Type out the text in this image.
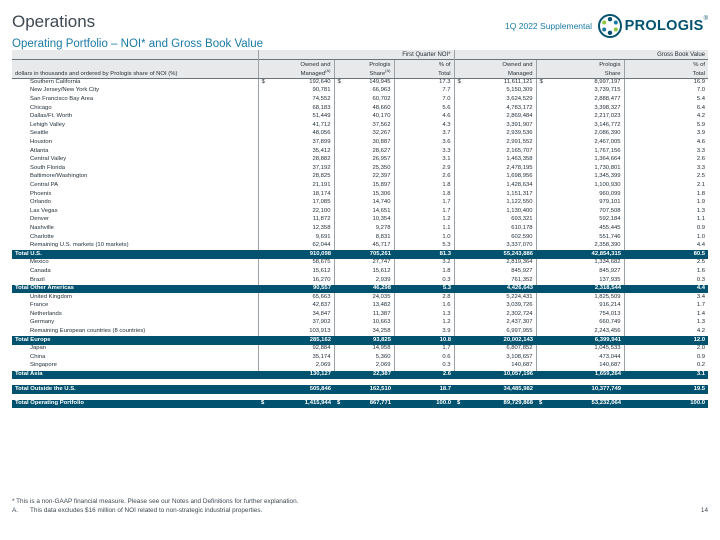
Operations
Operating Portfolio – NOI* and Gross Book Value
1Q 2022 Supplemental PROLOGIS ®
	First Quarter NOI*			Gross Book Value		
	Owned and	Prologis	% of	Owned and	Prologis	% of
dollars in thousands and ordered by Prologis share of NOI (%)	Managed$^{(A)}$	Share$^{(A)}$	Total	Managed	Share	Total
Southern California	$ 192,640	$ 149,945	17.3	$ 11,611,121	$ 8,997,197	16.9
New Jersey/New York City	90,781	66,963	7.7	5,150,309	3,739,715	7.0
San Francisco Bay Area	74,552	60,702	7.0	3,624,529	2,888,477	5.4
Chicago	68,183	48,660	5.6	4,783,172	3,398,327	6.4
Dallas/Ft. Worth	51,449	40,170	4.6	2,869,484	2,217,023	4.2
Lehigh Valley	41,712	37,562	4.3	3,391,907	3,146,772	5.9
Seattle	48,056	32,267	3.7	2,939,536	2,086,390	3.9
Houston	37,899	30,887	3.6	2,991,552	2,467,005	4.6
Atlanta	35,412	28,627	3.3	2,165,707	1,767,156	3.3
Central Valley	28,882	26,957	3.1	1,463,358	1,364,664	2.6
South Florida	37,192	25,350	2.9	2,478,195	1,730,801	3.3
Baltimore/Washington	28,825	22,397	2.6	1,698,956	1,345,399	2.5
Central PA	21,191	15,897	1.8	1,428,634	1,100,930	2.1
Phoenix	18,174	15,306	1.8	1,151,317	960,099	1.8
Orlando	17,085	14,740	1.7	1,122,550	979,101	1.9
Las Vegas	22,100	14,651	1.7	1,130,400	707,508	1.3
Denver	11,872	10,354	1.2	693,321	592,184	1.1
Nashville	12,358	9,278	1.1	610,178	455,445	0.9
Charlotte	9,691	8,831	1.0	602,590	551,746	1.0
Remaining U.S. markets (10 markets)	62,044	45,717	5.3	3,337,070	2,358,390	4.4
Total U.S.	910,098	705,261	81.3	55,243,886	42,854,315	80.5
Mexico	58,675	27,747	3.2	2,819,364	1,334,682	2.5
Canada	15,612	15,612	1.8	845,927	845,927	1.6
Brazil	16,270	2,939	0.3	761,352	137,935	0.3
Total Other Americas	90,557	46,298	5.3	4,426,643	2,318,544	4.4
United Kingdom	65,663	24,035	2.8	5,224,431	1,825,509	3.4
France	42,837	13,482	1.6	3,039,726	916,214	1.7
Netherlands	34,847	11,387	1.3	2,302,724	754,013	1.4
Germany	37,902	10,663	1.2	2,437,307	660,749	1.3
Remaining European countries (8 countries)	103,913	34,258	3.9	6,997,955	2,243,456	4.2
Total Europe	285,162	93,825	10.8	20,002,143	6,399,941	12.0
Japan	92,884	14,958	1.7	6,807,852	1,045,533	2.0
China	35,174	5,360	0.6	3,108,657	473,044	0.9
Singapore	2,069	2,069	0.3	140,687	140,687	0.2
Total Asia	130,127	22,387	2.6	10,057,196	1,659,264	3.1

Total Outside the U.S.	505,846	162,510	18.7	34,485,982	10,377,749	19.5

Total Operating Portfolio	$ 1,415,944	$ 867,771	100.0	$ 89,729,868	$ 53,232,064	100.0
* This is a non-GAAP financial measure. Please see our Notes and Definitions for further explanation.
A. This data excludes $16 million of NOI related to non-strategic industrial properties.	14
